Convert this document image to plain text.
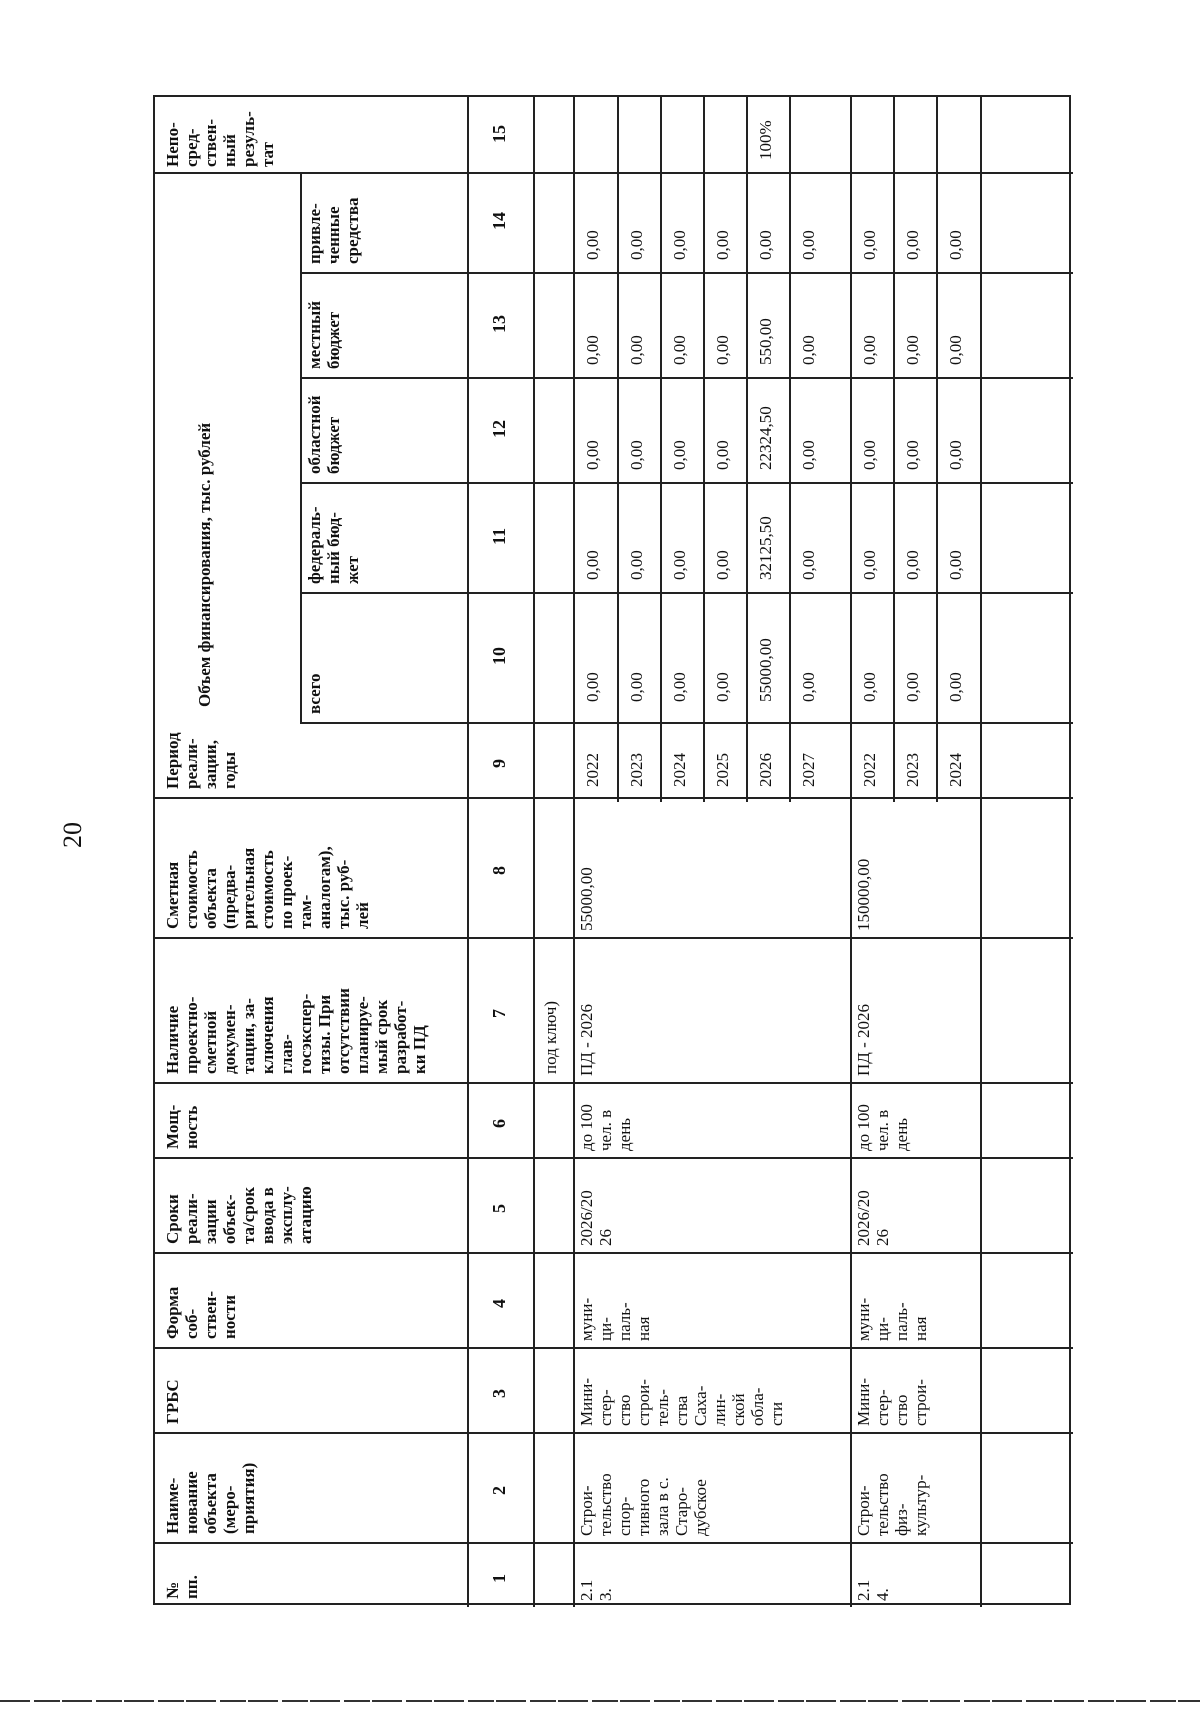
20
№
пп.
Наиме-
нование
объекта
(меро-
приятия)
ГРБС
Форма
соб-
ствен-
ности
Сроки
реали-
зации
объек-
та/срок
ввода в
эксплу-
атацию
Мощ-
ность
Наличие
проектно-
сметной
докумен-
тации, за-
ключения
глав-
госэкспер-
тизы. При
отсутствии
планируе-
мый срок
разработ-
ки ПД
Сметная
стоимость
объекта
(предва-
рительная
стоимость
по проек-
там-
аналогам),
тыс. руб-
лей
Период
реали-
зации,
годы
Объем финансирования, тыс. рублей	всего
федераль-
ный бюд-
жет
областной
бюджет
местный
бюджет
привле-
ченные
средства
Непо-
сред-
ствен-
ный
резуль-
тат
1
2
3
4
5
6
7
8
9
10
11
12
13
14
15
под ключ)
2.1
3.
Строи-
тельство
спор-
тивного
зала в с.
Старо-
дубское
Мини-
стер-
ство
строи-
тель-
ства
Саха-
лин-
ской
обла-
сти
муни-
ци-
паль-
ная
2026/20
26
до 100
чел. в
день
ПД - 2026
55000,00
2022
0,00
0,00
0,00
0,00
0,00
2023
0,00
0,00
0,00
0,00
0,00
2024
0,00
0,00
0,00
0,00
0,00
2025
0,00
0,00
0,00
0,00
0,00
2026
55000,00
32125,50
22324,50
550,00
0,00
100%
2027
0,00
0,00
0,00
0,00
0,00
2.1
4.
Строи-
тельство
физ-
культур-
Мини-
стер-
ство
строи-
муни-
ци-
паль-
ная
2026/20
26
до 100
чел. в
день
ПД - 2026
150000,00
2022
0,00
0,00
0,00
0,00
0,00
2023
0,00
0,00
0,00
0,00
0,00
2024
0,00
0,00
0,00
0,00
0,00
